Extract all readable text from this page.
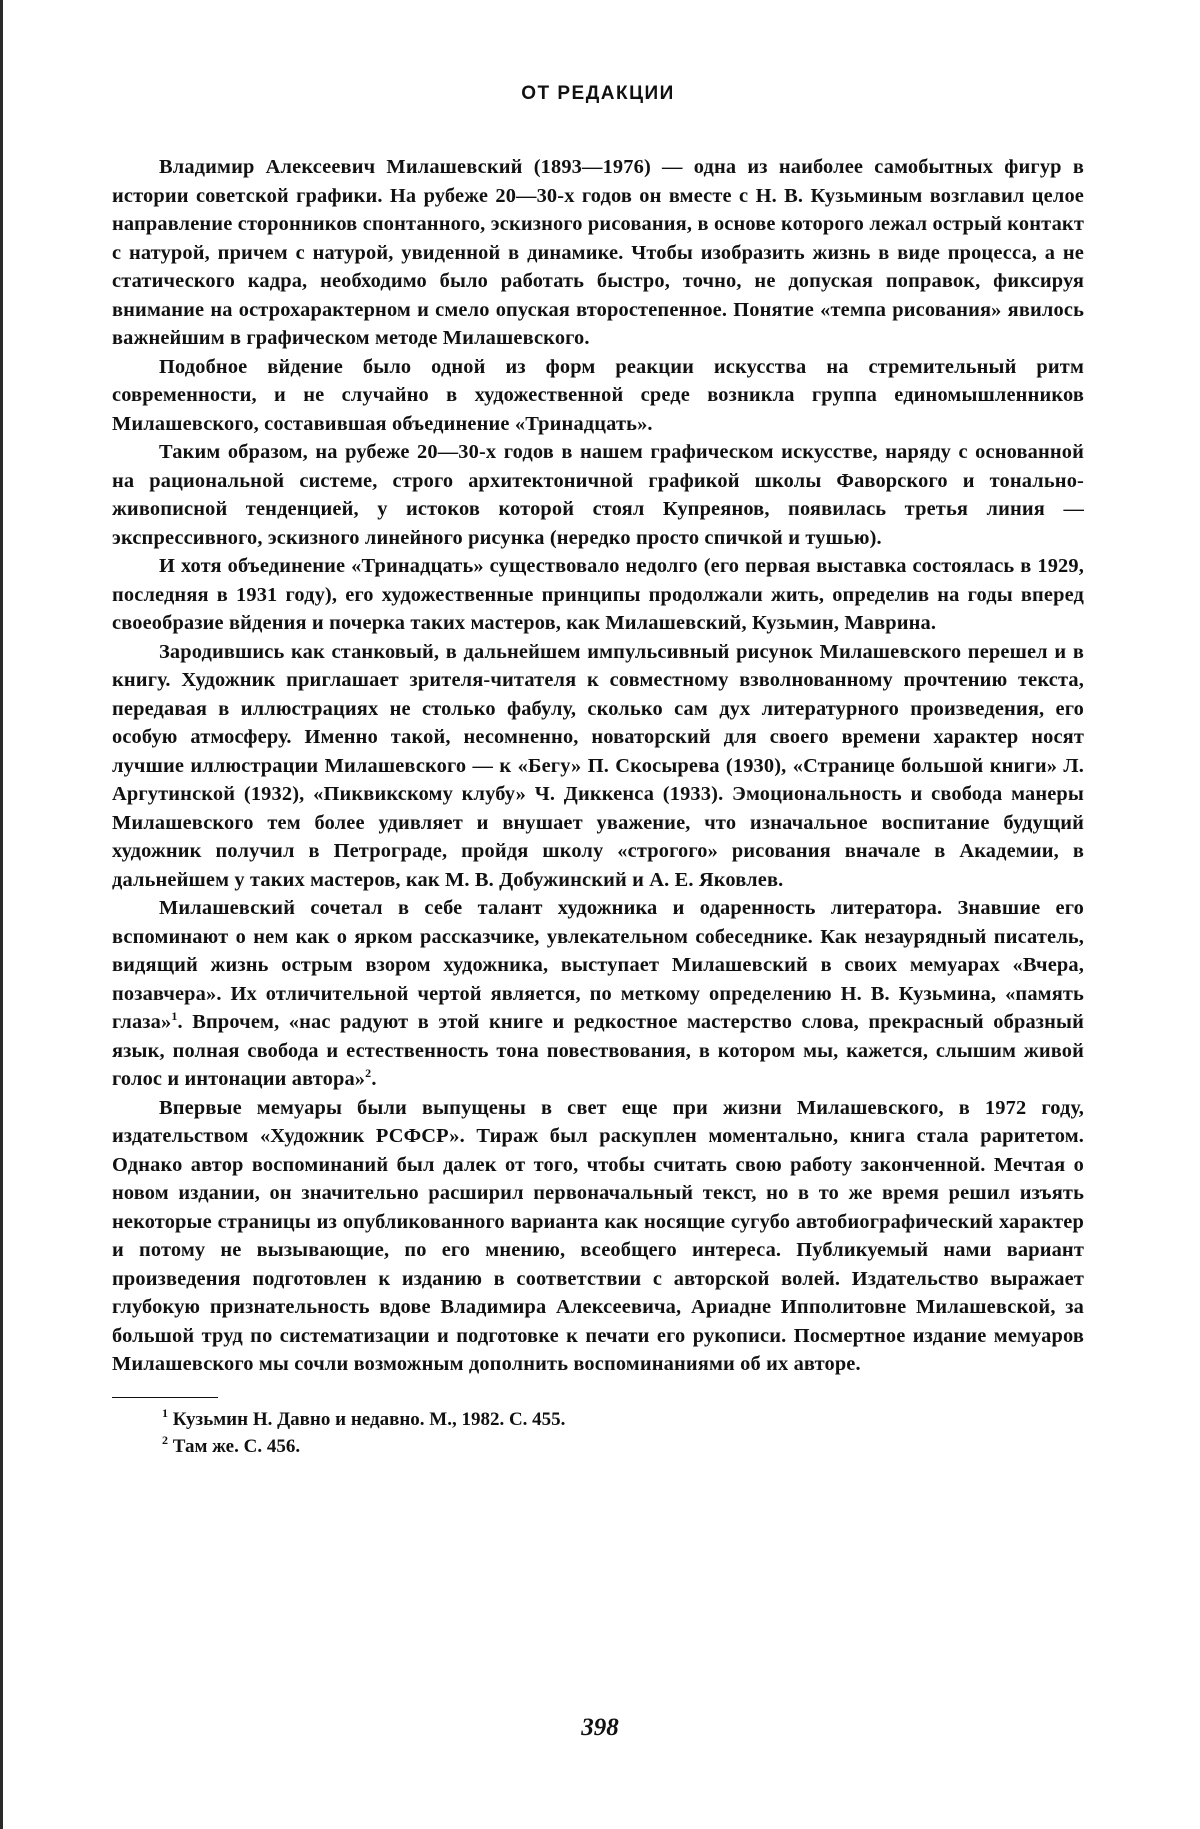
ОТ РЕДАКЦИИ

Владимир Алексеевич Милашевский (1893—1976) — одна из наиболее самобытных фигур в истории советской графики. На рубеже 20—30-х годов он вместе с Н. В. Кузьминым возглавил целое направление сторонников спонтанного, эскизного рисования, в основе которого лежал острый контакт с натурой, причем с натурой, увиденной в динамике. Чтобы изобразить жизнь в виде процесса, а не статического кадра, необходимо было работать быстро, точно, не допуская поправок, фиксируя внимание на острохарактерном и смело опуская второстепенное. Понятие «темпа рисования» явилось важнейшим в графическом методе Милашевского.

Подобное вйдение было одной из форм реакции искусства на стремительный ритм современности, и не случайно в художественной среде возникла группа единомышленников Милашевского, составившая объединение «Тринадцать».

Таким образом, на рубеже 20—30-х годов в нашем графическом искусстве, наряду с основанной на рациональной системе, строго архитектоничной графикой школы Фаворского и тонально-живописной тенденцией, у истоков которой стоял Купреянов, появилась третья линия — экспрессивного, эскизного линейного рисунка (нередко просто спичкой и тушью).

И хотя объединение «Тринадцать» существовало недолго (его первая выставка состоялась в 1929, последняя в 1931 году), его художественные принципы продолжали жить, определив на годы вперед своеобразие вйдения и почерка таких мастеров, как Милашевский, Кузьмин, Маврина.

Зародившись как станковый, в дальнейшем импульсивный рисунок Милашевского перешел и в книгу. Художник приглашает зрителя-читателя к совместному взволнованному прочтению текста, передавая в иллюстрациях не столько фабулу, сколько сам дух литературного произведения, его особую атмосферу. Именно такой, несомненно, новаторский для своего времени характер носят лучшие иллюстрации Милашевского — к «Бегу» П. Скосырева (1930), «Странице большой книги» Л. Аргутинской (1932), «Пиквикскому клубу» Ч. Диккенса (1933). Эмоциональность и свобода манеры Милашевского тем более удивляет и внушает уважение, что изначальное воспитание будущий художник получил в Петрограде, пройдя школу «строгого» рисования вначале в Академии, в дальнейшем у таких мастеров, как М. В. Добужинский и А. Е. Яковлев.

Милашевский сочетал в себе талант художника и одаренность литератора. Знавшие его вспоминают о нем как о ярком рассказчике, увлекательном собеседнике. Как незаурядный писатель, видящий жизнь острым взором художника, выступает Милашевский в своих мемуарах «Вчера, позавчера». Их отличительной чертой является, по меткому определению Н. В. Кузьмина, «память глаза»$^1$. Впрочем, «нас радуют в этой книге и редкостное мастерство слова, прекрасный образный язык, полная свобода и естественность тона повествования, в котором мы, кажется, слышим живой голос и интонации автора»$^2$.

Впервые мемуары были выпущены в свет еще при жизни Милашевского, в 1972 году, издательством «Художник РСФСР». Тираж был раскуплен моментально, книга стала раритетом. Однако автор воспоминаний был далек от того, чтобы считать свою работу законченной. Мечтая о новом издании, он значительно расширил первоначальный текст, но в то же время решил изъять некоторые страницы из опубликованного варианта как носящие сугубо автобиографический характер и потому не вызывающие, по его мнению, всеобщего интереса. Публикуемый нами вариант произведения подготовлен к изданию в соответствии с авторской волей. Издательство выражает глубокую признательность вдове Владимира Алексеевича, Ариадне Ипполитовне Милашевской, за большой труд по систематизации и подготовке к печати его рукописи. Посмертное издание мемуаров Милашевского мы сочли возможным дополнить воспоминаниями об их авторе.

$^1$ Кузьмин Н. Давно и недавно. М., 1982. С. 455.

$^2$ Там же. С. 456.

398
